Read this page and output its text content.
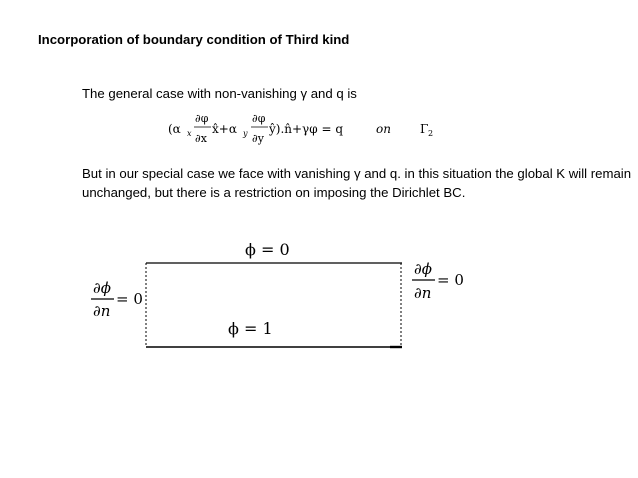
Incorporation of boundary condition of Third kind
The general case with non-vanishing γ and q is
(α x
∂φ
∂x
x̂+α y
∂φ
∂y
ŷ).n̂+γφ = q	on Γ 2
But in our special case we face with vanishing γ and q. in this situation the global K will remain unchanged, but there is a restriction on imposing the Dirichlet BC.
ϕ = 0
ϕ = 1
∂ϕ
∂n
= 0
∂ϕ
∂n
= 0
